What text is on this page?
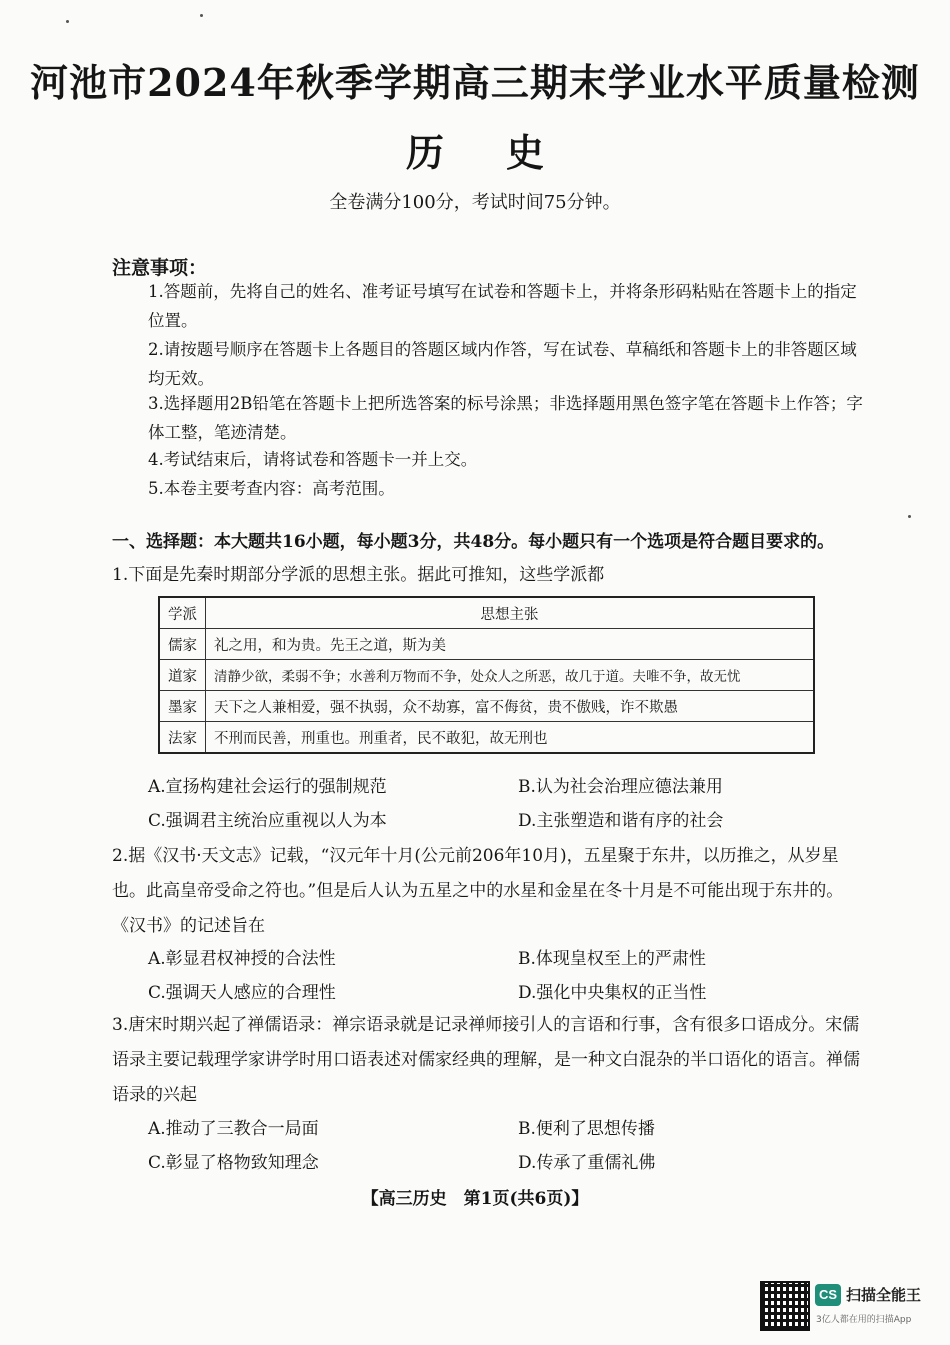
河池市2024年秋季学期高三期末学业水平质量检测
历 史
全卷满分100分，考试时间75分钟。
注意事项：
1.答题前，先将自己的姓名、准考证号填写在试卷和答题卡上，并将条形码粘贴在答题卡上的指定位置。
2.请按题号顺序在答题卡上各题目的答题区域内作答，写在试卷、草稿纸和答题卡上的非答题区域均无效。
3.选择题用2B铅笔在答题卡上把所选答案的标号涂黑；非选择题用黑色签字笔在答题卡上作答；字体工整，笔迹清楚。
4.考试结束后，请将试卷和答题卡一并上交。
5.本卷主要考查内容：高考范围。
一、选择题：本大题共16小题，每小题3分，共48分。每小题只有一个选项是符合题目要求的。
1.下面是先秦时期部分学派的思想主张。据此可推知，这些学派都
学派	思想主张
儒家	礼之用，和为贵。先王之道，斯为美
道家	清静少欲，柔弱不争；水善利万物而不争，处众人之所恶，故几于道。夫唯不争，故无忧
墨家	天下之人兼相爱，强不执弱，众不劫寡，富不侮贫，贵不傲贱，诈不欺愚
法家	不刑而民善，刑重也。刑重者，民不敢犯，故无刑也
A.宣扬构建社会运行的强制规范	B.认为社会治理应德法兼用
C.强调君主统治应重视以人为本	D.主张塑造和谐有序的社会
2.据《汉书·天文志》记载，“汉元年十月(公元前206年10月)，五星聚于东井，以历推之，从岁星也。此高皇帝受命之符也。”但是后人认为五星之中的水星和金星在冬十月是不可能出现于东井的。《汉书》的记述旨在
A.彰显君权神授的合法性	B.体现皇权至上的严肃性
C.强调天人感应的合理性	D.强化中央集权的正当性
3.唐宋时期兴起了禅儒语录：禅宗语录就是记录禅师接引人的言语和行事，含有很多口语成分。宋儒语录主要记载理学家讲学时用口语表述对儒家经典的理解，是一种文白混杂的半口语化的语言。禅儒语录的兴起
A.推动了三教合一局面	B.便利了思想传播
C.彰显了格物致知理念	D.传承了重儒礼佛
【高三历史　第1页(共6页)】
CS 扫描全能王
3亿人都在用的扫描App
